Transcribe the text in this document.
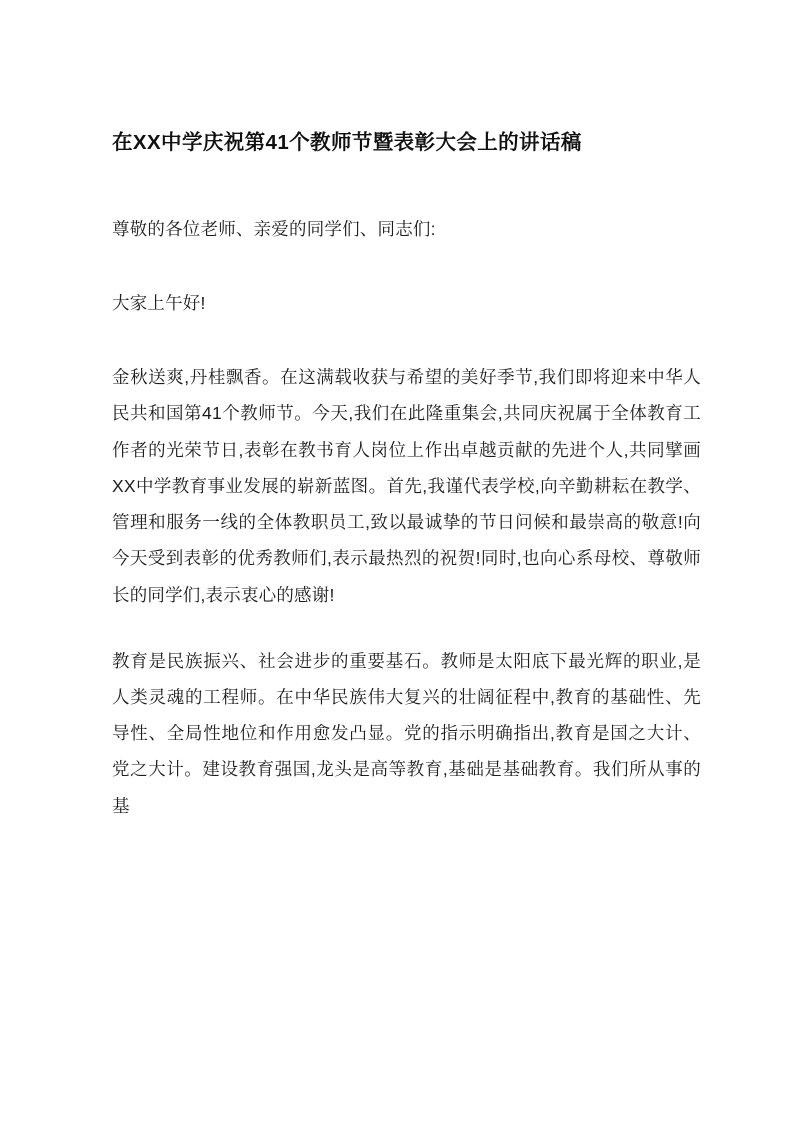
在XX中学庆祝第41个教师节暨表彰大会上的讲话稿

尊敬的各位老师、亲爱的同学们、同志们:

大家上午好!

金秋送爽,丹桂飘香。在这满载收获与希望的美好季节,我们即将迎来中华人民共和国第41个教师节。今天,我们在此隆重集会,共同庆祝属于全体教育工作者的光荣节日,表彰在教书育人岗位上作出卓越贡献的先进个人,共同擘画XX中学教育事业发展的崭新蓝图。首先,我谨代表学校,向辛勤耕耘在教学、管理和服务一线的全体教职员工,致以最诚挚的节日问候和最崇高的敬意!向今天受到表彰的优秀教师们,表示最热烈的祝贺!同时,也向心系母校、尊敬师长的同学们,表示衷心的感谢!

教育是民族振兴、社会进步的重要基石。教师是太阳底下最光辉的职业,是人类灵魂的工程师。在中华民族伟大复兴的壮阔征程中,教育的基础性、先导性、全局性地位和作用愈发凸显。党的指示明确指出,教育是国之大计、党之大计。建设教育强国,龙头是高等教育,基础是基础教育。我们所从事的基
